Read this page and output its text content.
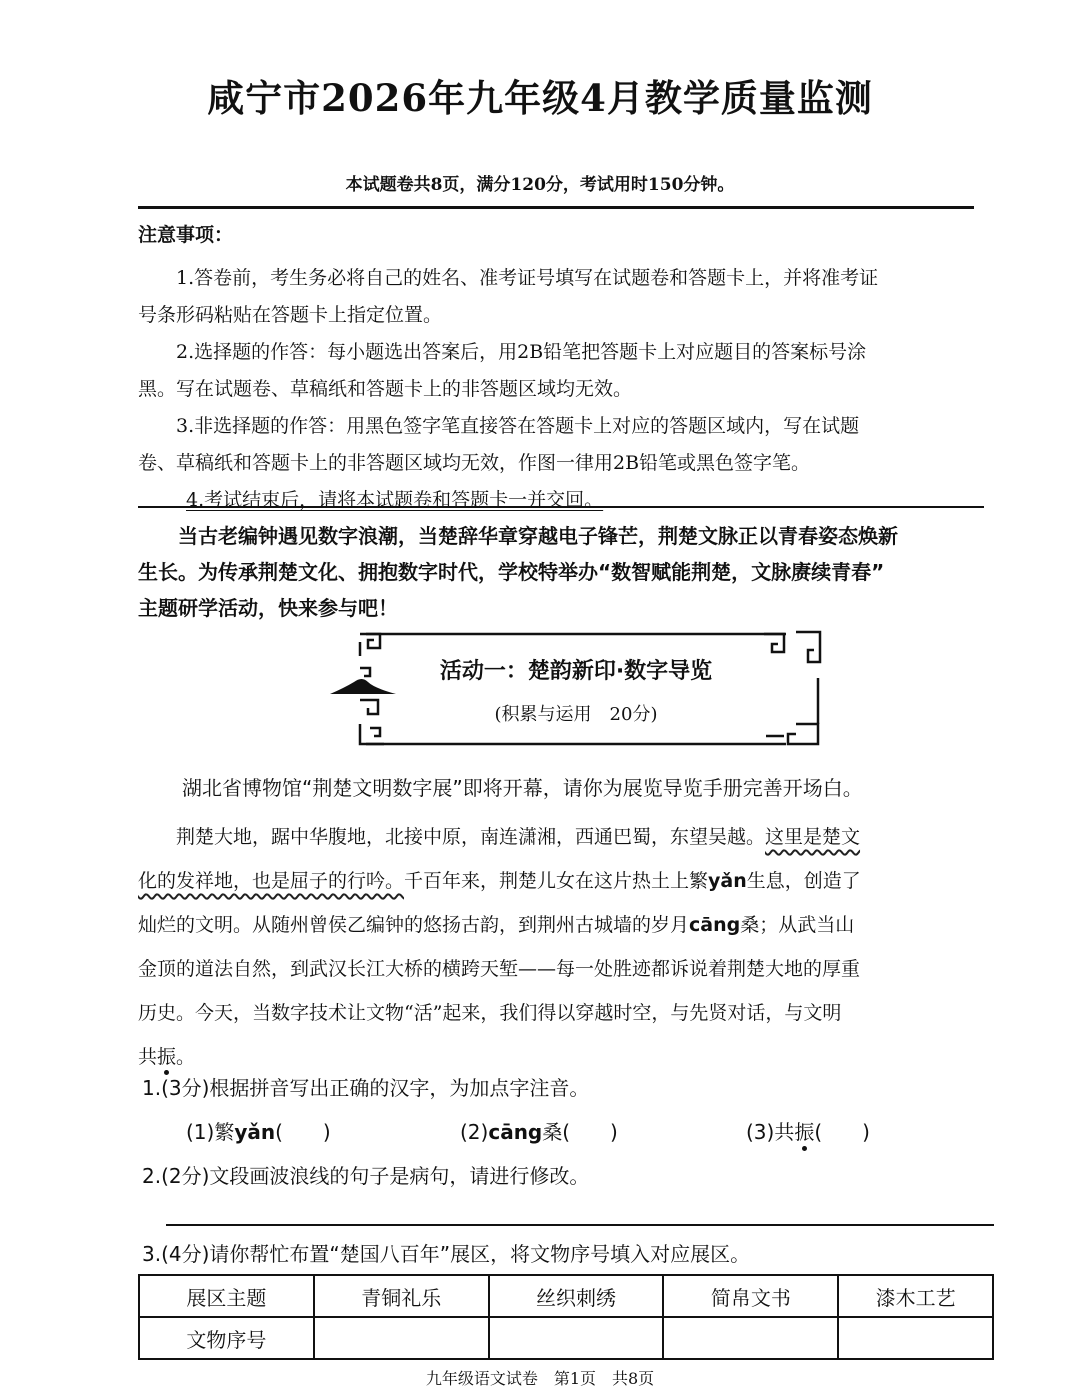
咸宁市2026年九年级4月教学质量监测
本试题卷共8页，满分120分，考试用时150分钟。
注意事项：
1.答卷前，考生务必将自己的姓名、准考证号填写在试题卷和答题卡上，并将准考证
号条形码粘贴在答题卡上指定位置。
2.选择题的作答：每小题选出答案后，用2B铅笔把答题卡上对应题目的答案标号涂
黑。写在试题卷、草稿纸和答题卡上的非答题区域均无效。
3.非选择题的作答：用黑色签字笔直接答在答题卡上对应的答题区域内，写在试题
卷、草稿纸和答题卡上的非答题区域均无效，作图一律用2B铅笔或黑色签字笔。
4.考试结束后，请将本试题卷和答题卡一并交回。
当古老编钟遇见数字浪潮，当楚辞华章穿越电子锋芒，荆楚文脉正以青春姿态焕新
生长。为传承荆楚文化、拥抱数字时代，学校特举办“数智赋能荆楚，文脉赓续青春”
主题研学活动，快来参与吧！
活动一：楚韵新印·数字导览
(积累与运用　20分)
湖北省博物馆“荆楚文明数字展”即将开幕，请你为展览导览手册完善开场白。
荆楚大地，踞中华腹地，北接中原，南连潇湘，西通巴蜀，东望吴越。这里是楚文
化的发祥地，也是屈子的行吟。千百年来，荆楚儿女在这片热土上繁yǎn生息，创造了
灿烂的文明。从随州曾侯乙编钟的悠扬古韵，到荆州古城墙的岁月cāng桑；从武当山
金顶的道法自然，到武汉长江大桥的横跨天堑——每一处胜迹都诉说着荆楚大地的厚重
历史。今天，当数字技术让文物“活”起来，我们得以穿越时空，与先贤对话，与文明
共振。
1.(3分)根据拼音写出正确的汉字，为加点字注音。
(1)繁yǎn(　　)	(2)cāng桑(　　)	(3)共振(　　)
2.(2分)文段画波浪线的句子是病句，请进行修改。
3.(4分)请你帮忙布置“楚国八百年”展区，将文物序号填入对应展区。
展区主题	青铜礼乐	丝织刺绣	简帛文书	漆木工艺
文物序号				
九年级语文试卷　第1页　共8页
